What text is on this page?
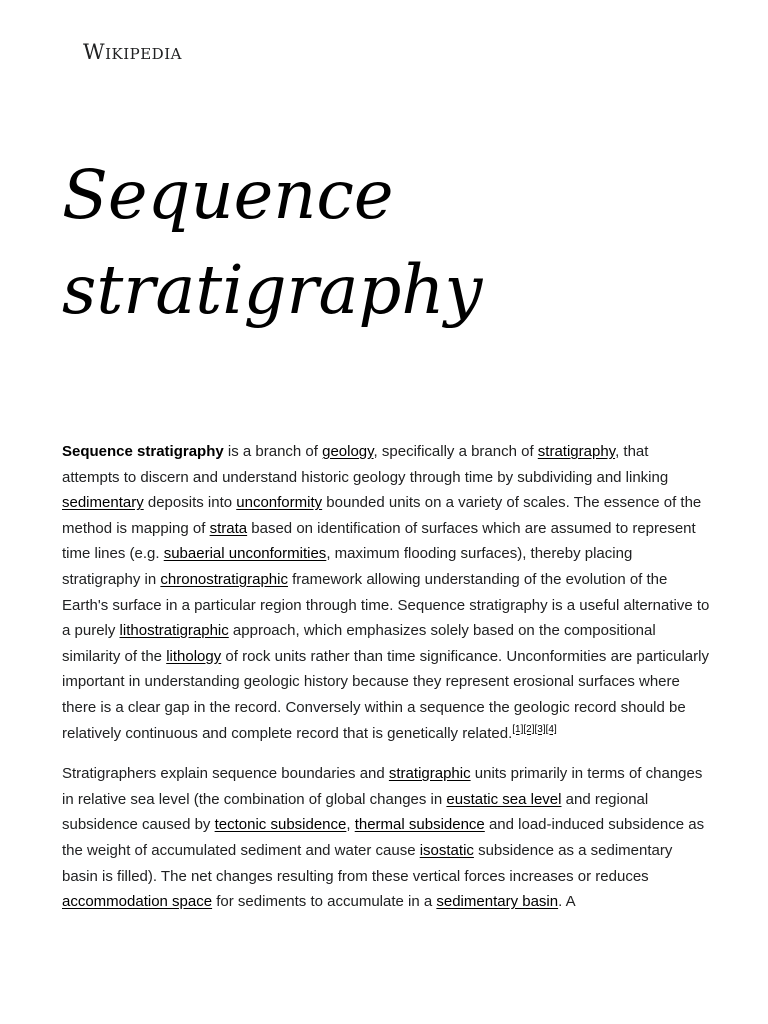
Wikipedia
Sequence
stratigraphy

Sequence stratigraphy is a branch of geology, specifically a branch of stratigraphy, that attempts to discern and understand historic geology through time by subdividing and linking sedimentary deposits into unconformity bounded units on a variety of scales. The essence of the method is mapping of strata based on identification of surfaces which are assumed to represent time lines (e.g. subaerial unconformities, maximum flooding surfaces), thereby placing stratigraphy in chronostratigraphic framework allowing understanding of the evolution of the Earth's surface in a particular region through time. Sequence stratigraphy is a useful alternative to a purely lithostratigraphic approach, which emphasizes solely based on the compositional similarity of the lithology of rock units rather than time significance. Unconformities are particularly important in understanding geologic history because they represent erosional surfaces where there is a clear gap in the record. Conversely within a sequence the geologic record should be relatively continuous and complete record that is genetically related.[1][2][3][4]

Stratigraphers explain sequence boundaries and stratigraphic units primarily in terms of changes in relative sea level (the combination of global changes in eustatic sea level and regional subsidence caused by tectonic subsidence, thermal subsidence and load-induced subsidence as the weight of accumulated sediment and water cause isostatic subsidence as a sedimentary basin is filled). The net changes resulting from these vertical forces increases or reduces accommodation space for sediments to accumulate in a sedimentary basin. A
